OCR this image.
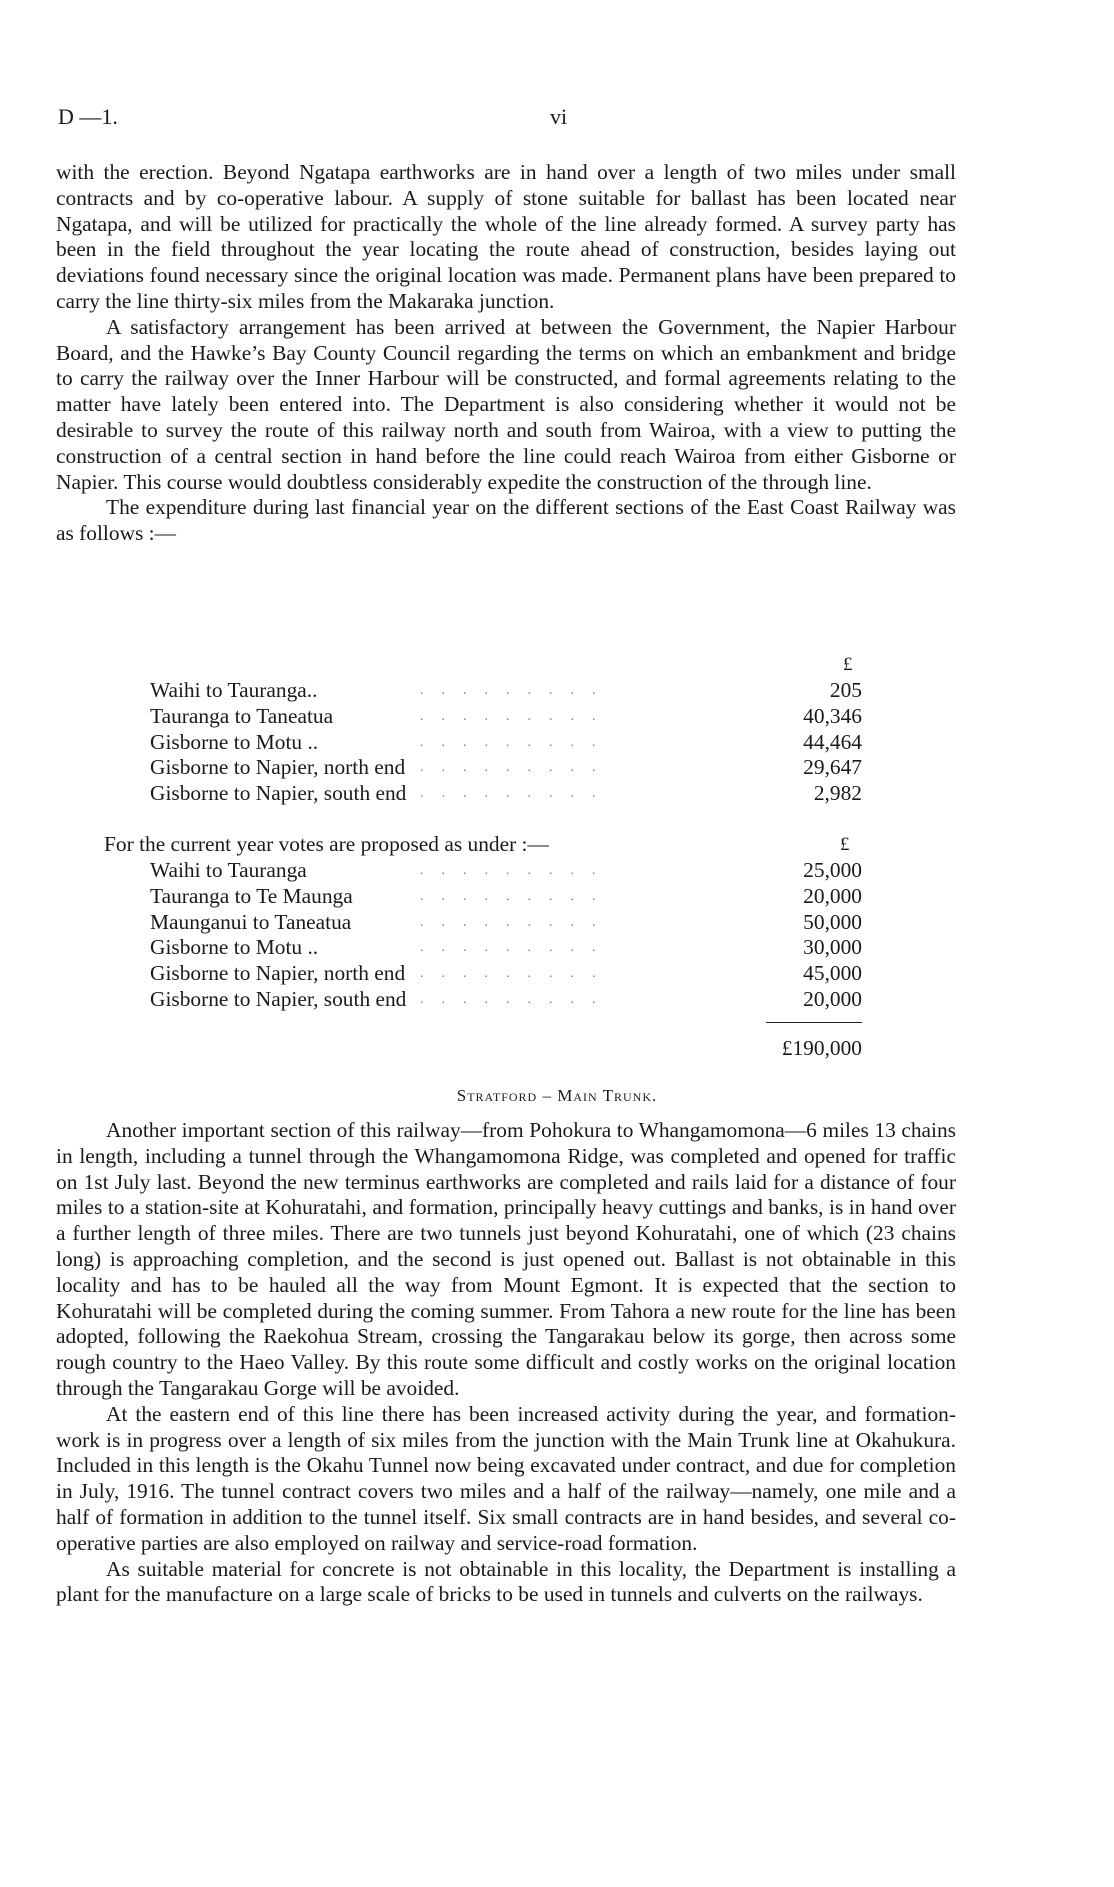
D —1.	vi

with the erection. Beyond Ngatapa earthworks are in hand over a length of two miles under small contracts and by co-operative labour. A supply of stone suitable for ballast has been located near Ngatapa, and will be utilized for practically the whole of the line already formed. A survey party has been in the field throughout the year locating the route ahead of construction, besides laying out deviations found necessary since the original location was made. Permanent plans have been prepared to carry the line thirty-six miles from the Makaraka junction.

A satisfactory arrangement has been arrived at between the Government, the Napier Harbour Board, and the Hawke’s Bay County Council regarding the terms on which an embankment and bridge to carry the railway over the Inner Harbour will be constructed, and formal agreements relating to the matter have lately been entered into. The Department is also considering whether it would not be desirable to survey the route of this railway north and south from Wairoa, with a view to putting the construction of a central section in hand before the line could reach Wairoa from either Gisborne or Napier. This course would doubtless considerably expedite the construction of the through line.

The expenditure during last financial year on the different sections of the East Coast Railway was as follows :—

£
Waihi to Tauranga..	.........	205
Tauranga to Taneatua	.........	40,346
Gisborne to Motu ..	.........	44,464
Gisborne to Napier, north end .........	29,647
Gisborne to Napier, south end .........	2,982
For the current year votes are proposed as under :—	£
Waihi to Tauranga	.........	25,000
Tauranga to Te Maunga	.........	20,000
Maunganui to Taneatua	.........	50,000
Gisborne to Motu ..	.........	30,000
Gisborne to Napier, north end .........	45,000
Gisborne to Napier, south end .........	20,000
£190,000
Stratford – Main Trunk.

Another important section of this railway—from Pohokura to Whangamomona—6 miles 13 chains in length, including a tunnel through the Whangamomona Ridge, was completed and opened for traffic on 1st July last. Beyond the new terminus earthworks are completed and rails laid for a distance of four miles to a station-site at Kohuratahi, and formation, principally heavy cuttings and banks, is in hand over a further length of three miles. There are two tunnels just beyond Kohuratahi, one of which (23 chains long) is approaching completion, and the second is just opened out. Ballast is not obtainable in this locality and has to be hauled all the way from Mount Egmont. It is expected that the section to Kohuratahi will be completed during the coming summer. From Tahora a new route for the line has been adopted, following the Raekohua Stream, crossing the Tangarakau below its gorge, then across some rough country to the Haeo Valley. By this route some difficult and costly works on the original location through the Tangarakau Gorge will be avoided.

At the eastern end of this line there has been increased activity during the year, and formation-work is in progress over a length of six miles from the junction with the Main Trunk line at Okahukura. Included in this length is the Okahu Tunnel now being excavated under contract, and due for completion in July, 1916. The tunnel contract covers two miles and a half of the railway—namely, one mile and a half of formation in addition to the tunnel itself. Six small contracts are in hand besides, and several co-operative parties are also employed on railway and service-road formation.

As suitable material for concrete is not obtainable in this locality, the Department is installing a plant for the manufacture on a large scale of bricks to be used in tunnels and culverts on the railways.
